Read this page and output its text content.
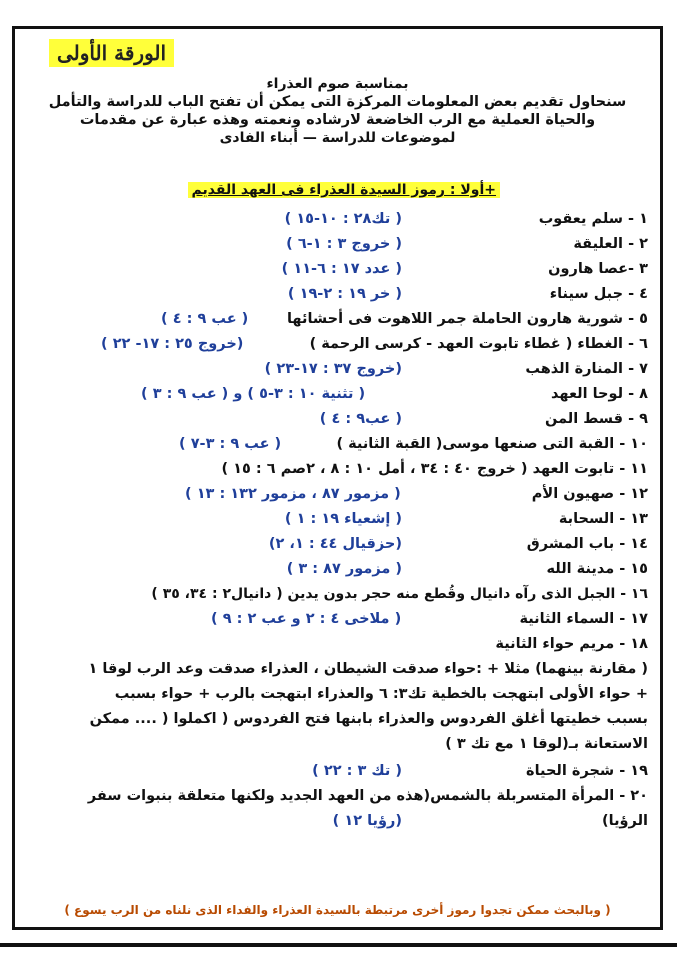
الورقة الأولى
بمناسبة صوم العذراء
سنحاول تقديم بعض المعلومات المركزة التى يمكن أن تفتح الباب للدراسة والتأمل
والحياة العملية مع الرب الخاضعة لارشاده ونعمته وهذه عبارة عن مقدمات
لموضوعات للدراسة — أبناء الفادى
+أولا : رموز السيدة العذراء فى العهد القديم
١ - سلم يعقوب
( تك٢٨ : ١٠-١٥ )
٢ - العليقة
( خروج ٣ : ١-٦ )
٣ -عصا هارون
( عدد ١٧ : ٦-١١ )
٤ - جبل سيناء
( خر ١٩ : ٢-١٩ )
٥ - شورية هارون الحاملة جمر اللاهوت فى أحشائها
( عب ٩ : ٤ )
٦ - الغطاء ( غطاء تابوت العهد - كرسى الرحمة )
(خروج ٢٥ : ١٧- ٢٢ )
٧ - المنارة الذهب
(خروج ٣٧ : ١٧-٢٣ )
٨ - لوحا العهد
( تثنية ١٠ : ٣-٥ ) و ( عب ٩ : ٣ )
٩ - قسط المن
( عب٩ : ٤ )
١٠ - القبة التى صنعها موسى( القبة الثانية )
( عب ٩ : ٣-٧ )
١١ - تابوت العهد ( خروج ٤٠ : ٣٤ ، أمل ١٠ : ٨ ، ٢صم ٦ : ١٥ )
١٢ - صهيون الأم
( مزمور ٨٧ ، مزمور ١٣٢ : ١٣ )
١٣ - السحابة
( إشعياء ١٩ : ١ )
١٤ - باب المشرق
(حزقيال ٤٤ : ١، ٢)
١٥ - مدينة الله
( مزمور ٨٧ : ٣ )
١٦ - الجبل الذى رآه دانيال وقُطع منه حجر بدون يدين ( دانيال٢ : ٣٤، ٣٥ )
١٧ - السماء الثانية
( ملاخى ٤ : ٢ و عب ٢ : ٩ )
١٨ - مريم حواء الثانية
( مقارنة بينهما) مثلا + :حواء صدقت الشيطان ، العذراء صدقت وعد الرب لوقا ١
+ حواء الأولى ابتهجت بالخطية تك٣: ٦ والعذراء ابتهجت بالرب + حواء بسبب
بسبب خطيتها أغلق الفردوس والعذراء بابنها فتح الفردوس ( اكملوا ( .... ممكن
الاستعانة بـ(لوقا ١ مع تك ٣ )
١٩ - شجرة الحياة
( تك ٣ : ٢٢ )
٢٠ - المرأة المتسربلة بالشمس(هذه من العهد الجديد ولكنها متعلقة بنبوات سفر
الرؤيا)
(رؤيا ١٢ )
( وبالبحث ممكن تجدوا رموز أخرى مرتبطة بالسيدة العذراء والفداء الذى نلناه من الرب يسوع )
